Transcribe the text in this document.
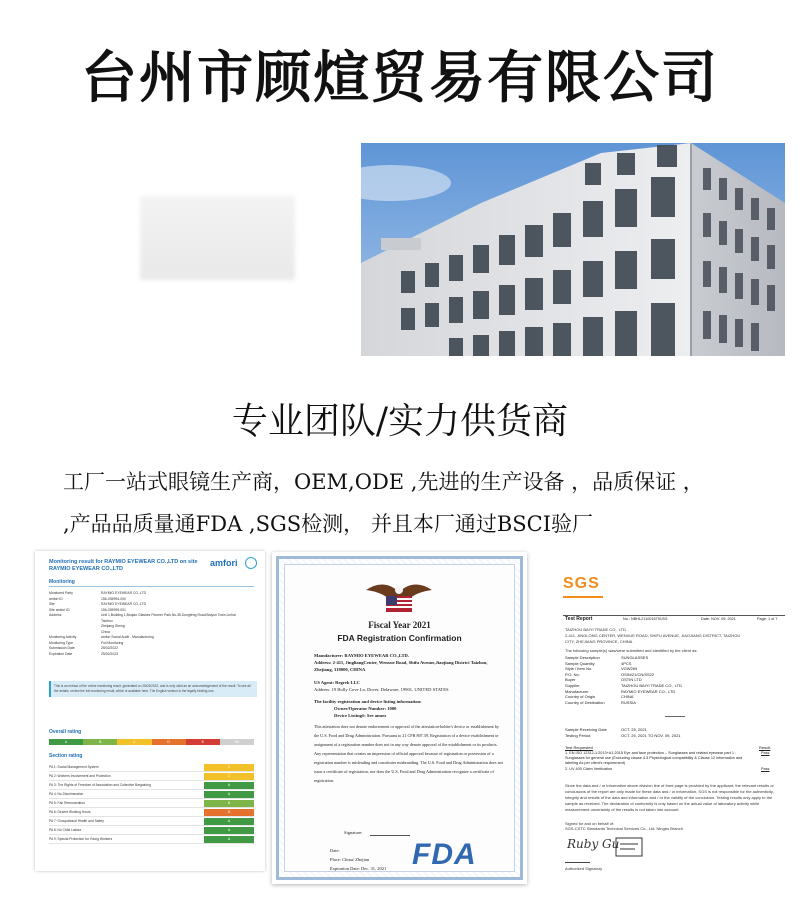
台州市顾煊贸易有限公司
专业团队/实力供货商
工厂一站式眼镜生产商，OEM,ODE ,先进的生产设备 ，品质保证 ，
,产品品质量通FDA ,SGS检测， 并且本厂通过BSCI验厂
Monitoring result for RAYMIO EYEWEAR CO.,LTD on site RAYMIO EYEWEAR CO.,LTD
amfori
Monitoring
Monitored Party	RAYMIO EYEWEAR CO.,LTD
amfori ID	156-035994-000
Site	RAYMIO EYEWEAR CO.,LTD
Site amfori ID	156-035995-001
Address	Unit 1,Building 1,Boqiao Glasses Pioneer Park,No.36,Dongfeng Road,Baiyun Town,Linhai
Taizhou
Zhejiang Sheng
China
Monitoring Activity	amfori Social Audit - Manufacturing
Monitoring Type	Full Monitoring
Submission Date	25/02/2022
Expiration Date	25/02/2023
This is an extract of the online monitoring result, generated on 25/03/2022, and is only valid as an acknowledgement of the result. To see all the details, review the full monitoring result, which is available here. The English version is the legally binding one.
Overall rating
A	B	C	D	E	NA
Section rating
PA 1: Social Management System	C
PA 2: Workers Involvement and Protection	C
PA 3: The Rights of Freedom of Association and Collective Bargaining	A
PA 4: No Discrimination	A
PA 5: Fair Remuneration	B
PA 6: Decent Working Hours	D
PA 7: Occupational Health and Safety	A
PA 8: No Child Labour	A
PA 9: Special Protection for Young Workers	A
Fiscal Year 2021
FDA Registration Confirmation
Manufacturer: RAYMIO EYEWEAR CO.,LTD.
Address: 2-411, JingliangCenter, Wenxue Road, Shifu Avenue,Jiaojiang District Taizhou, Zhejiang, 318000, CHINA
US Agent: Regrek LLC
Address: 19 Holly Cove Ln, Dover, Delaware, 19901, UNITED STATES
The facility registration and device listing information:
Owner/Operator Number: 1000
Device Listing#: See annex
This attestation does not denote endorsement or approval of the attestation-holder's device or establishment by the U.S. Food and Drug Administration. Pursuant to 21 CFR 807.39, Registration of a device establishment or assignment of a registration number does not in any way denote approval of the establishment or its products. Any representation that creates an impression of official approval because of registration or possession of a registration number is misleading and constitutes misbranding. The U.S. Food and Drug Administration does not issue a certificate of registration, nor does the U.S. Food and Drug Administration recognize a certificate of registration.
Signature:
Date:
Place: China/ Zhejian
Expiration Date: Dec. 31, 2021 FDA
SGS
Test Report	No.: NBHL2110016791SG	Date: NOV. 09, 2021	Page: 1 of 7
TAIZHOU BAIYI TRADE CO., LTD
2-411, JINGLONG CENTER, WENXUE ROAD, SHIFU AVENUE, JIAOJIANG DISTRICT, TAIZHOU
CITY, ZHEJIANG PROVINCE, CHINA
The following sample(s) was/were submitted and identified by the client as:
Sample Description	SUNGLASSES
Sample Quantity	4PCS
Style / Item No.	VGW269
P.O. No.	OSIN/21/CN/SS22
Buyer	OSTIN LTD
Supplier	TAIZHOU BAIYI TRADE CO., LTD
Manufacturer	RAYMIO EYEWEAR CO., LTD
Country of Origin	CHINA
Country of Destination	RUSSIA
Sample Receiving Date	OCT. 25, 2021
Testing Period	OCT. 25, 2021 TO NOV. 09, 2021
Test Requested	Result
1. EN ISO 12312-1:2013+A1:2015 Eye and face protection – Sunglasses and related eyewear part 1 : Sunglasses for general use (Excluding clause 4.3 Physiological compatibility & Clause 12 information and labeling As per client's requirement)
Pass
2. UV 400 Claim Verification	Pass
Since the data and / or information above division line of front page is provided by the applicant, the relevant results or conclusions of the report are only made for these data and / or information, SGS is not responsible for the authenticity, integrity and results of the data and information and / or the validity of the conclusion. Testing results only apply to the sample as received. The declaration of conformity is only based on the actual value of laboratory activity while measurement uncertainty of the results is not taken into account.
Signed for and on behalf of:
SGS-CSTC Standards Technical Services Co., Ltd. Ningbo Branch
Ruby Gu
Authorized Signatory
